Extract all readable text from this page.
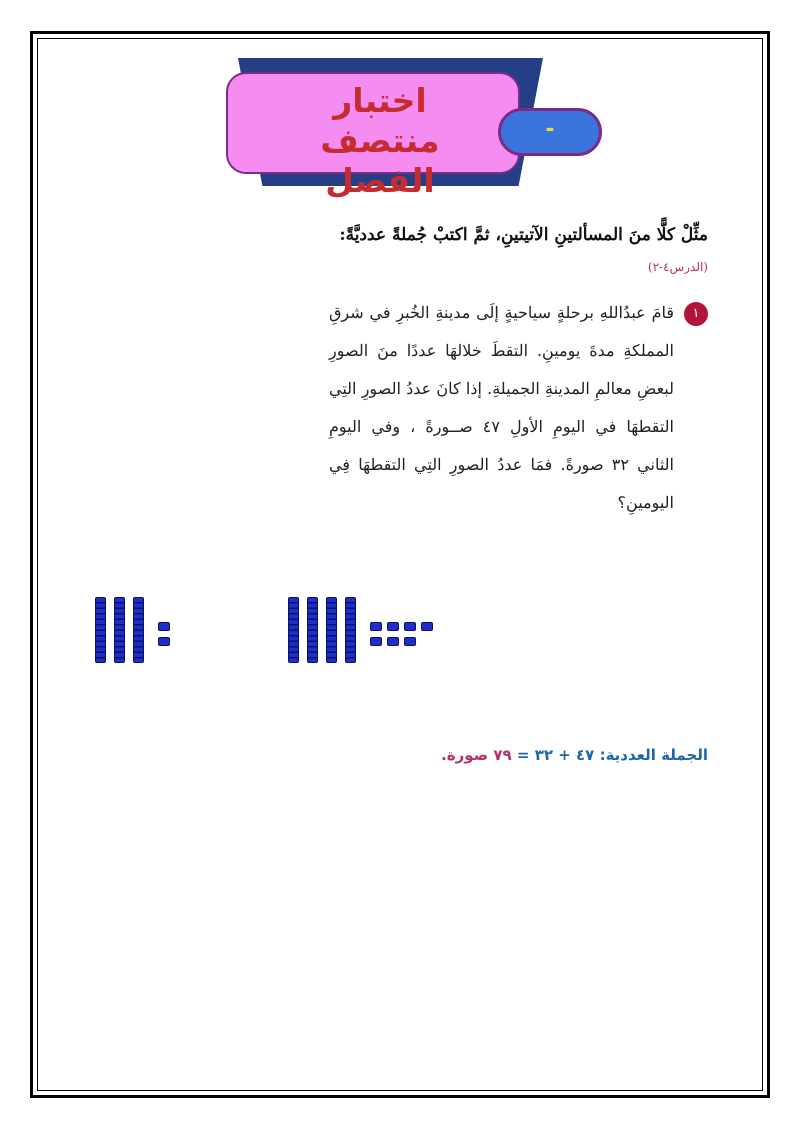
اختبار منتصف
الفصل
-
مثِّلْ كلًّا منَ المسألتينِ الآتيتينِ، ثمَّ اكتبْ جُملةً عدديَّةً:
(الدرس٤-٢)
١
قامَ عبدُاللهِ برحلةٍ سياحيةٍ إلَى مدينةِ الخُبرِ في شرقِ المملكةِ مدةَ يومينِ. التقطَ خلالهَا عددًا منَ الصورِ لبعضِ معالمِ المدينةِ الجميلةِ. إذا كانَ عددُ الصورِ التِي التقطهَا في اليومِ الأولِ ٤٧ صــورةً ، وفي اليومِ الثاني ٣٢ صورةً. فمَا عددُ الصورِ التِي التقطهَا فِي اليومينِ؟
الجملة العددية: ٤٧ + ٣٢ = ٧٩ صورة.
